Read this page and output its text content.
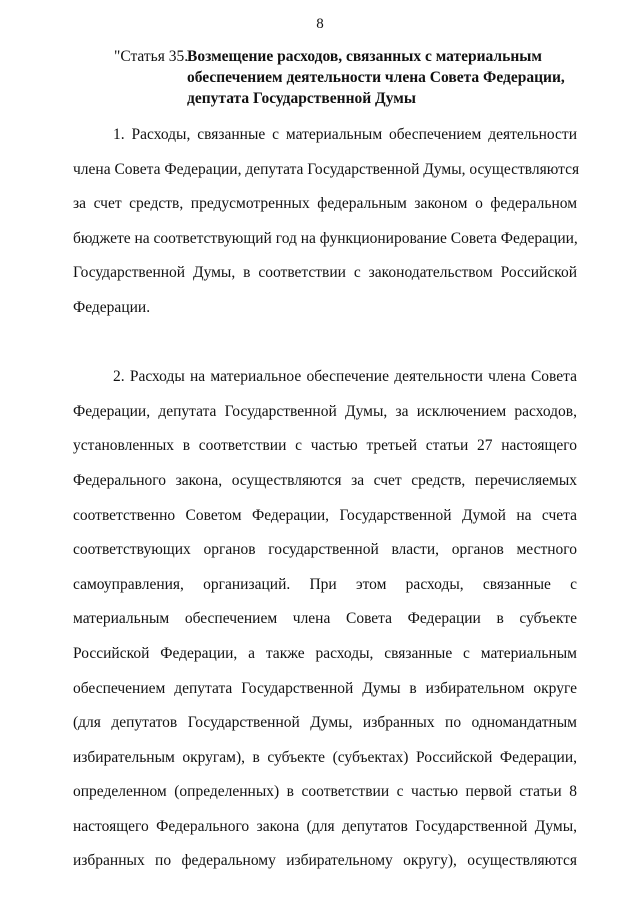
8
"Статья 35.
Возмещение расходов, связанных с материальным
обеспечением деятельности члена Совета Федерации,
депутата Государственной Думы

1. Расходы, связанные с материальным обеспечением деятельности
члена Совета Федерации, депутата Государственной Думы, осуществляются
за счет средств, предусмотренных федеральным законом о федеральном
бюджете на соответствующий год на функционирование Совета Федерации,
Государственной Думы, в соответствии с законодательством Российской
Федерации.

2. Расходы на материальное обеспечение деятельности члена Совета
Федерации, депутата Государственной Думы, за исключением расходов,
установленных в соответствии с частью третьей статьи 27 настоящего
Федерального закона, осуществляются за счет средств, перечисляемых
соответственно Советом Федерации, Государственной Думой на счета
соответствующих органов государственной власти, органов местного
самоуправления, организаций. При этом расходы, связанные с
материальным обеспечением члена Совета Федерации в субъекте
Российской Федерации, а также расходы, связанные с материальным
обеспечением депутата Государственной Думы в избирательном округе
(для депутатов Государственной Думы, избранных по одномандатным
избирательным округам), в субъекте (субъектах) Российской Федерации,
определенном (определенных) в соответствии с частью первой статьи 8
настоящего Федерального закона (для депутатов Государственной Думы,
избранных по федеральному избирательному округу), осуществляются
